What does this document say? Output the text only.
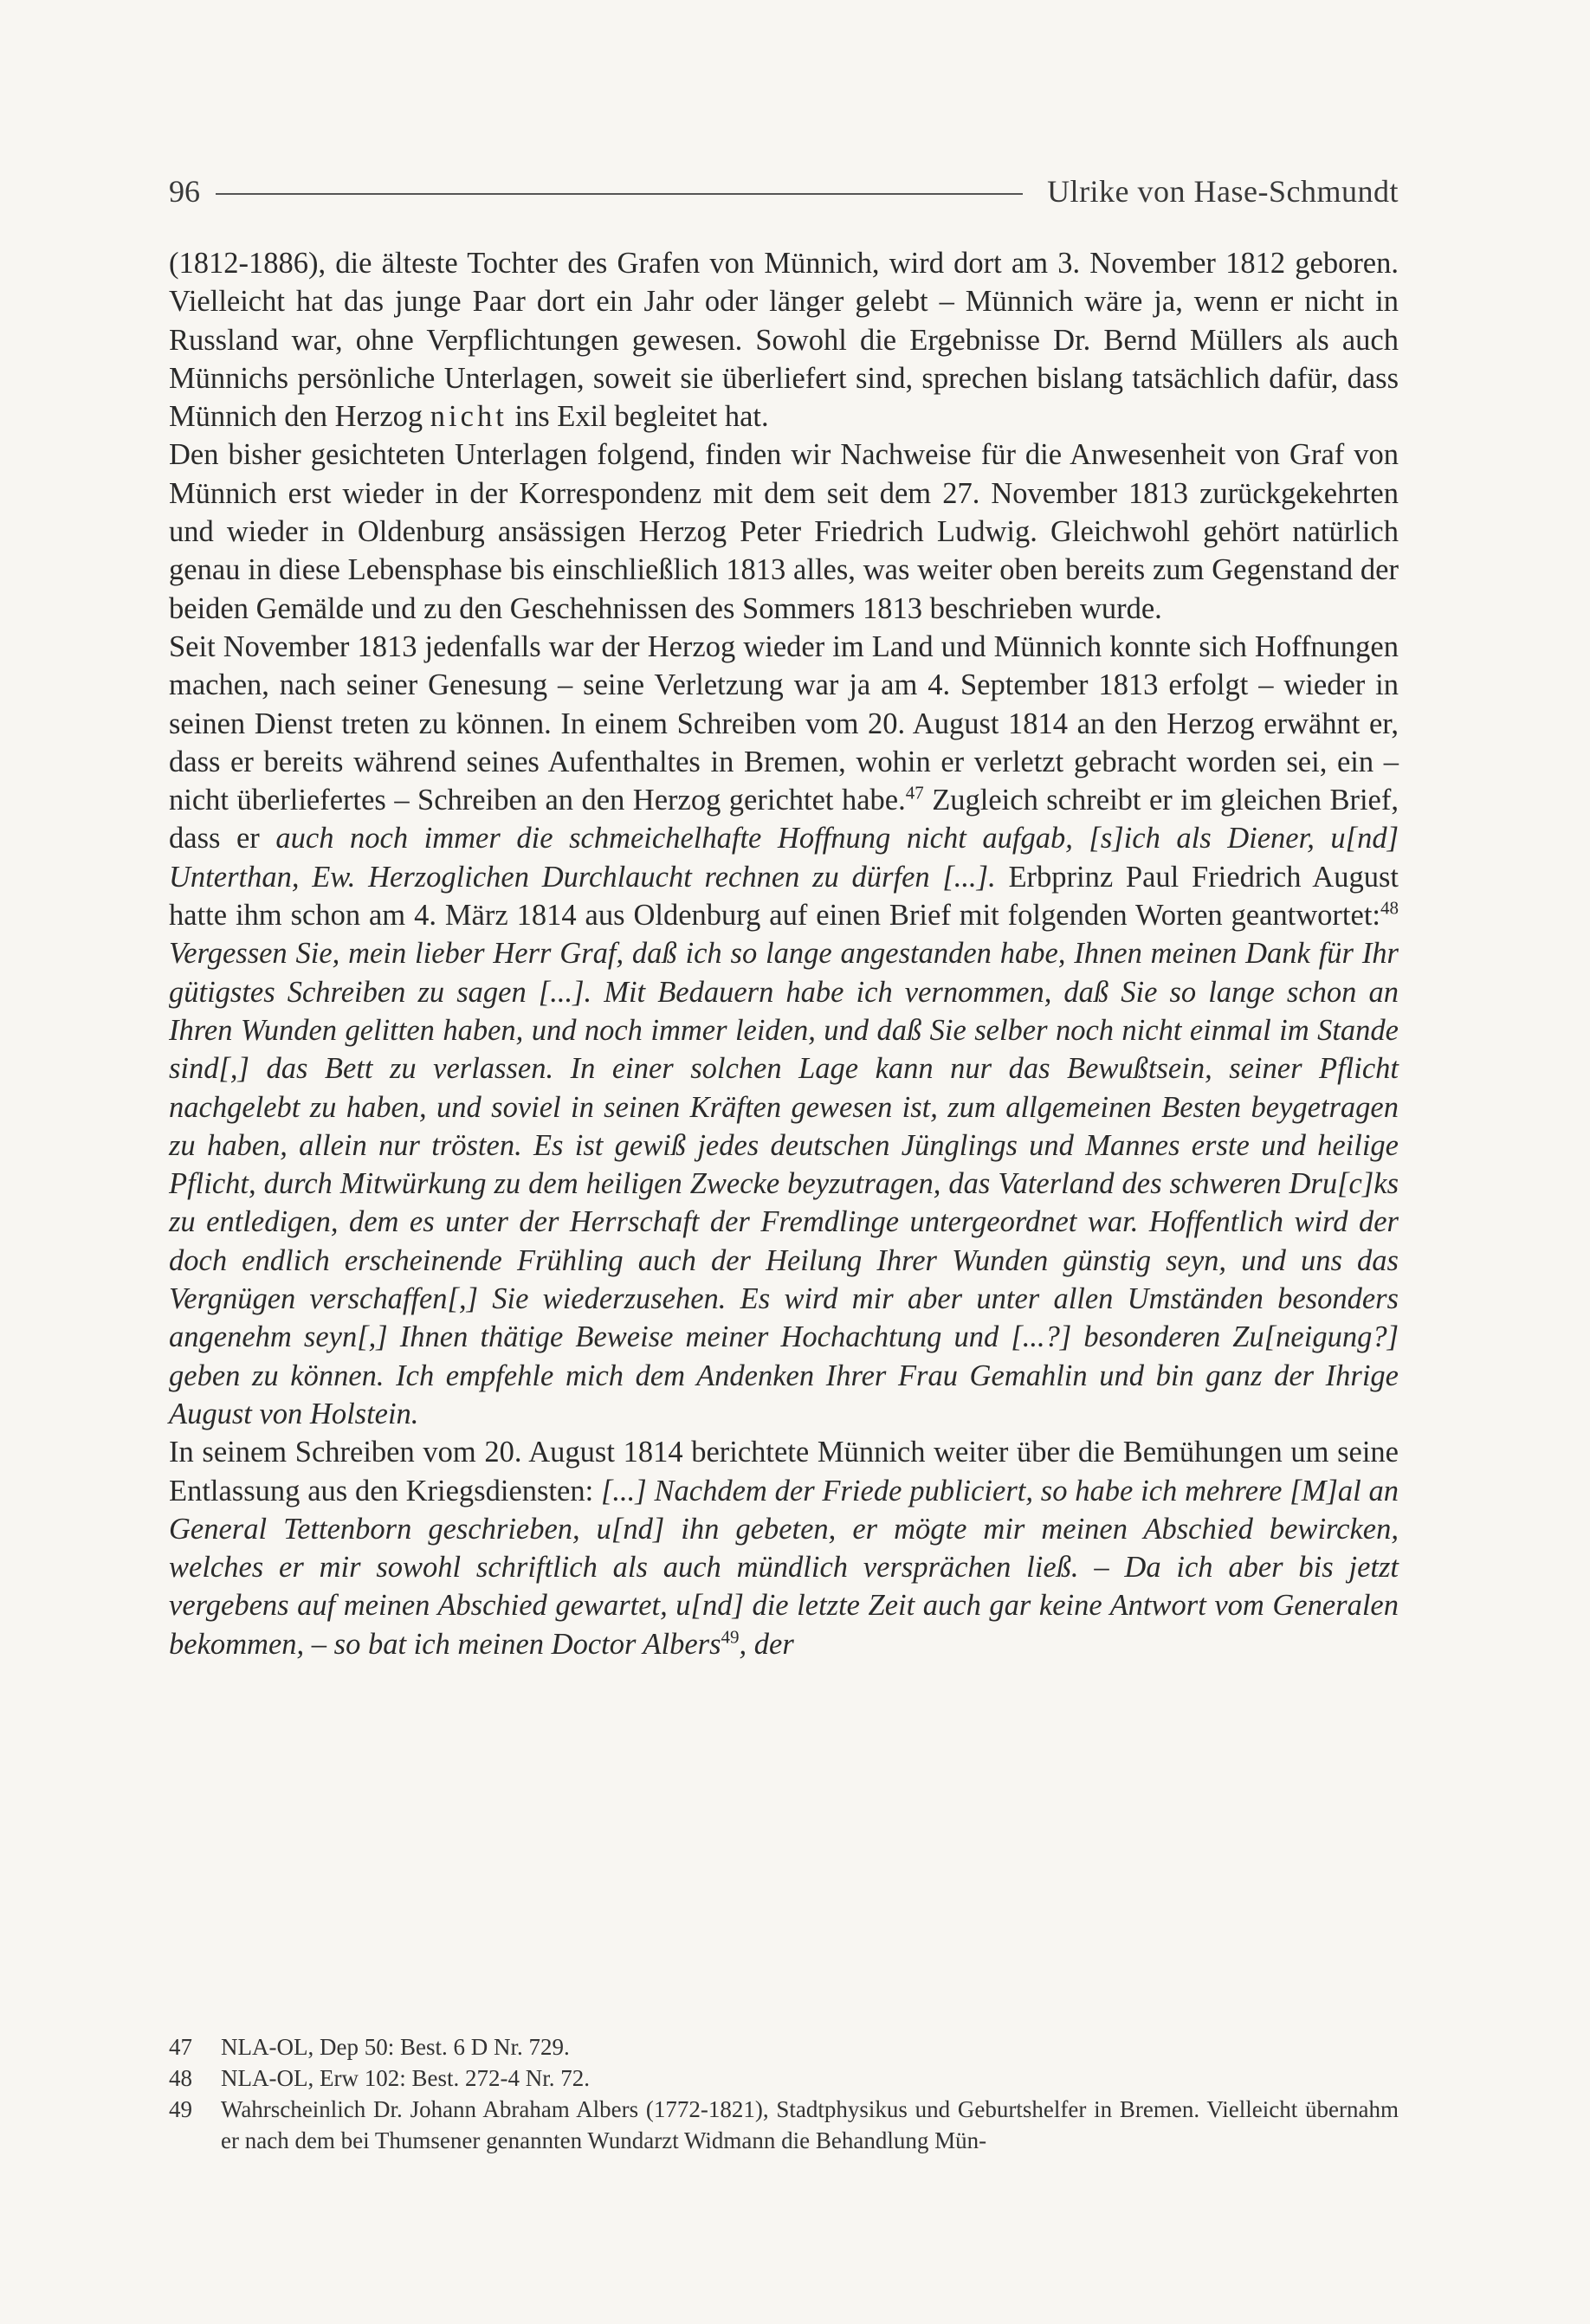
96	Ulrike von Hase-Schmundt

(1812-1886), die älteste Tochter des Grafen von Münnich, wird dort am 3. November 1812 geboren. Vielleicht hat das junge Paar dort ein Jahr oder länger gelebt – Münnich wäre ja, wenn er nicht in Russland war, ohne Verpflichtungen gewesen. Sowohl die Ergebnisse Dr. Bernd Müllers als auch Münnichs persönliche Unterlagen, soweit sie überliefert sind, sprechen bislang tatsächlich dafür, dass Münnich den Herzog nicht ins Exil begleitet hat.

Den bisher gesichteten Unterlagen folgend, finden wir Nachweise für die Anwesenheit von Graf von Münnich erst wieder in der Korrespondenz mit dem seit dem 27. November 1813 zurückgekehrten und wieder in Oldenburg ansässigen Herzog Peter Friedrich Ludwig. Gleichwohl gehört natürlich genau in diese Lebensphase bis einschließlich 1813 alles, was weiter oben bereits zum Gegenstand der beiden Gemälde und zu den Geschehnissen des Sommers 1813 beschrieben wurde.

Seit November 1813 jedenfalls war der Herzog wieder im Land und Münnich konnte sich Hoffnungen machen, nach seiner Genesung – seine Verletzung war ja am 4. September 1813 erfolgt – wieder in seinen Dienst treten zu können. In einem Schreiben vom 20. August 1814 an den Herzog erwähnt er, dass er bereits während seines Aufenthaltes in Bremen, wohin er verletzt gebracht worden sei, ein – nicht überliefertes – Schreiben an den Herzog gerichtet habe.$^{47}$ Zugleich schreibt er im gleichen Brief, dass er auch noch immer die schmeichelhafte Hoffnung nicht aufgab, [s]ich als Diener, u[nd] Unterthan, Ew. Herzoglichen Durchlaucht rechnen zu dürfen [...]. Erbprinz Paul Friedrich August hatte ihm schon am 4. März 1814 aus Oldenburg auf einen Brief mit folgenden Worten geantwortet:$^{48}$ Vergessen Sie, mein lieber Herr Graf, daß ich so lange angestanden habe, Ihnen meinen Dank für Ihr gütigstes Schreiben zu sagen [...]. Mit Bedauern habe ich vernommen, daß Sie so lange schon an Ihren Wunden gelitten haben, und noch immer leiden, und daß Sie selber noch nicht einmal im Stande sind[,] das Bett zu verlassen. In einer solchen Lage kann nur das Bewußtsein, seiner Pflicht nachgelebt zu haben, und soviel in seinen Kräften gewesen ist, zum allgemeinen Besten beygetragen zu haben, allein nur trösten. Es ist gewiß jedes deutschen Jünglings und Mannes erste und heilige Pflicht, durch Mitwürkung zu dem heiligen Zwecke beyzutragen, das Vaterland des schweren Dru[c]ks zu entledigen, dem es unter der Herrschaft der Fremdlinge untergeordnet war. Hoffentlich wird der doch endlich erscheinende Frühling auch der Heilung Ihrer Wunden günstig seyn, und uns das Vergnügen verschaffen[,] Sie wiederzusehen. Es wird mir aber unter allen Umständen besonders angenehm seyn[,] Ihnen thätige Beweise meiner Hochachtung und [...?] besonderen Zu[neigung?] geben zu können. Ich empfehle mich dem Andenken Ihrer Frau Gemahlin und bin ganz der Ihrige August von Holstein.

In seinem Schreiben vom 20. August 1814 berichtete Münnich weiter über die Bemühungen um seine Entlassung aus den Kriegsdiensten: [...] Nachdem der Friede publiciert, so habe ich mehrere [M]al an General Tettenborn geschrieben, u[nd] ihn gebeten, er mögte mir meinen Abschied bewircken, welches er mir sowohl schriftlich als auch mündlich versprächen ließ. – Da ich aber bis jetzt vergebens auf meinen Abschied gewartet, u[nd] die letzte Zeit auch gar keine Antwort vom Generalen bekommen, – so bat ich meinen Doctor Albers$^{49}$, der

47	NLA-OL, Dep 50: Best. 6 D Nr. 729.
48	NLA-OL, Erw 102: Best. 272-4 Nr. 72.
49	Wahrscheinlich Dr. Johann Abraham Albers (1772-1821), Stadtphysikus und Geburtshelfer in Bremen. Vielleicht übernahm er nach dem bei Thumsener genannten Wundarzt Widmann die Behandlung Mün-
